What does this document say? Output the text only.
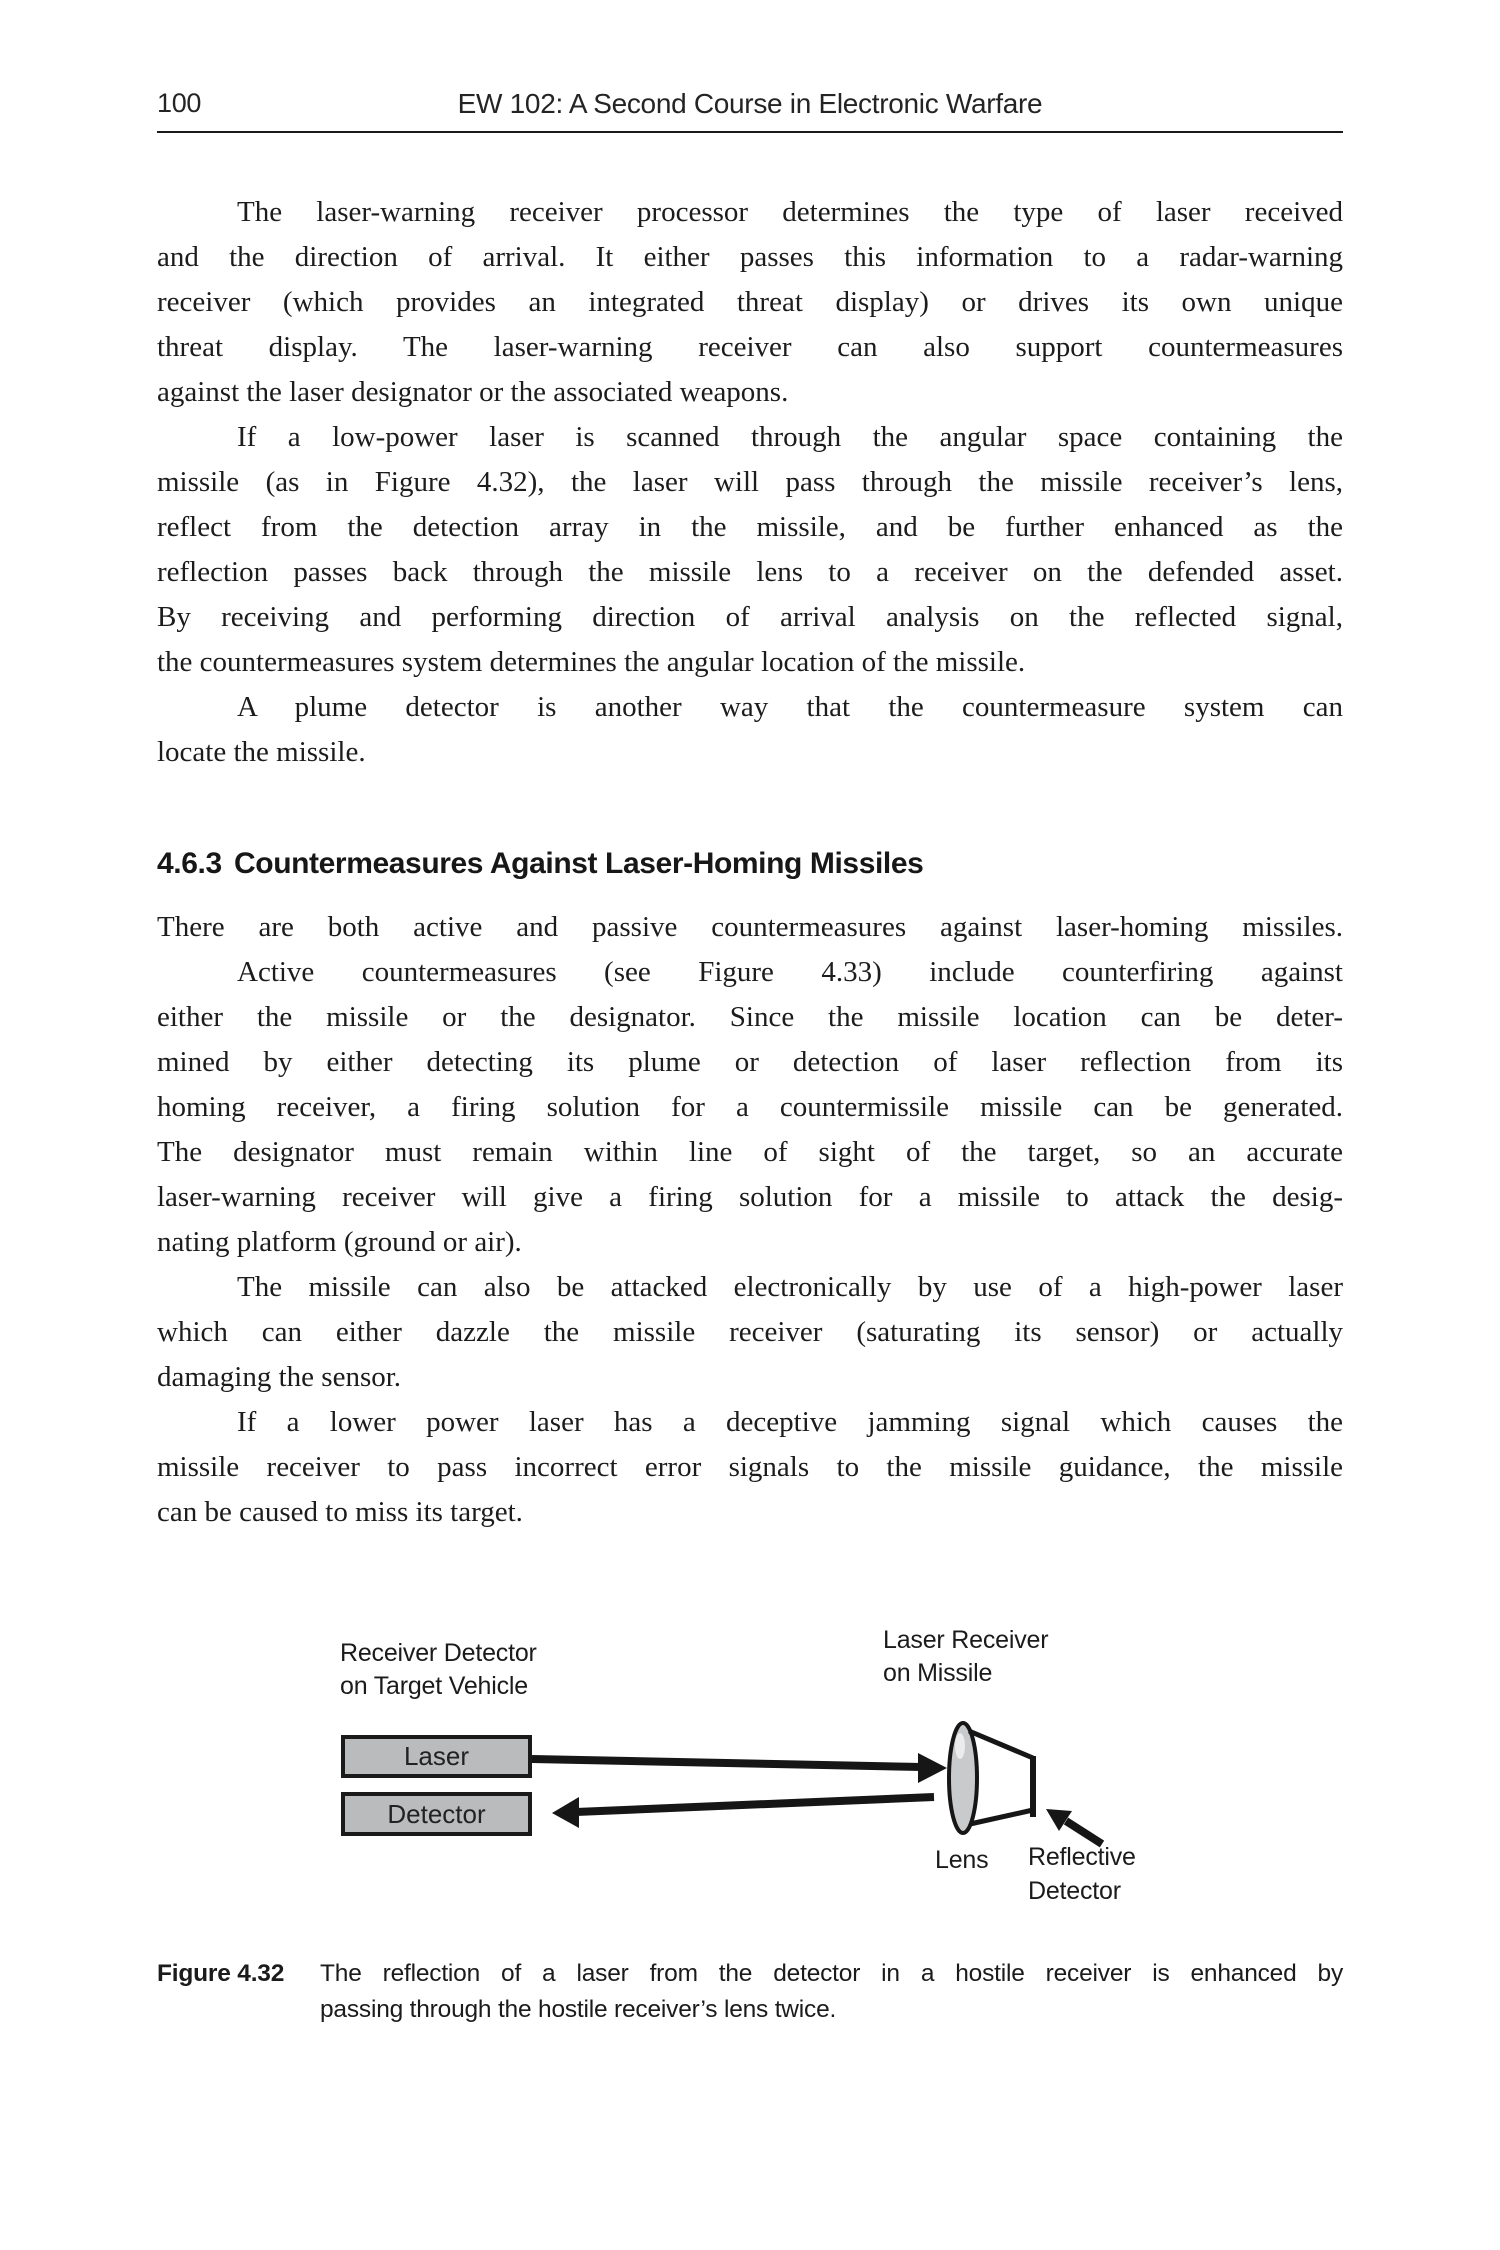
100	EW 102: A Second Course in Electronic Warfare
The laser-warning receiver processor determines the type of laser received
and the direction of arrival. It either passes this information to a radar-warning
receiver (which provides an integrated threat display) or drives its own unique
threat display. The laser-warning receiver can also support countermeasures
against the laser designator or the associated weapons.
If a low-power laser is scanned through the angular space containing the
missile (as in Figure 4.32), the laser will pass through the missile receiver’s lens,
reflect from the detection array in the missile, and be further enhanced as the
reflection passes back through the missile lens to a receiver on the defended asset.
By receiving and performing direction of arrival analysis on the reflected signal,
the countermeasures system determines the angular location of the missile.
A plume detector is another way that the countermeasure system can
locate the missile.
4.6.3 Countermeasures Against Laser-Homing Missiles
There are both active and passive countermeasures against laser-homing missiles.
Active countermeasures (see Figure 4.33) include counterfiring against
either the missile or the designator. Since the missile location can be deter-
mined by either detecting its plume or detection of laser reflection from its
homing receiver, a firing solution for a countermissile missile can be generated.
The designator must remain within line of sight of the target, so an accurate
laser-warning receiver will give a firing solution for a missile to attack the desig-
nating platform (ground or air).
The missile can also be attacked electronically by use of a high-power laser
which can either dazzle the missile receiver (saturating its sensor) or actually
damaging the sensor.
If a lower power laser has a deceptive jamming signal which causes the
missile receiver to pass incorrect error signals to the missile guidance, the missile
can be caused to miss its target.
Receiver Detector
on Target Vehicle
Laser Receiver
on Missile
Laser
Detector
Lens Reflective
Detector
Figure 4.32 The reflection of a laser from the detector in a hostile receiver is enhanced by
passing through the hostile receiver’s lens twice.
